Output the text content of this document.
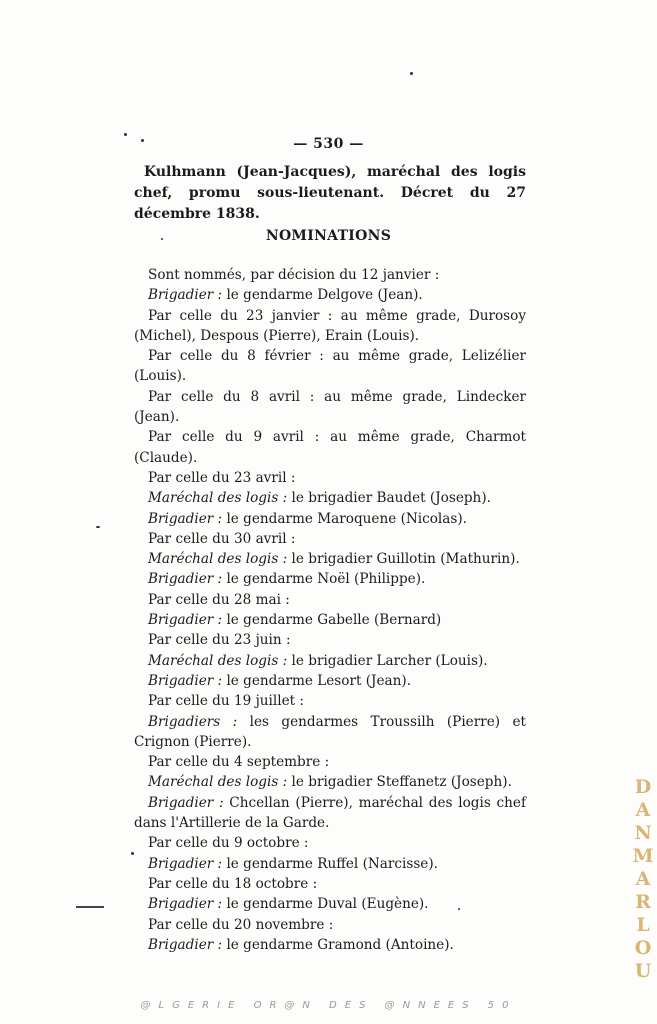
— 530 —

Kulhmann (Jean-Jacques), maréchal des logis chef, promu sous-lieutenant. Décret du 27 décembre 1838.

NOMINATIONS

Sont nommés, par décision du 12 janvier :

Brigadier : le gendarme Delgove (Jean).

Par celle du 23 janvier : au même grade, Durosoy (Michel), Despous (Pierre), Erain (Louis).

Par celle du 8 février : au même grade, Lelizélier (Louis).

Par celle du 8 avril : au même grade, Lindecker (Jean).

Par celle du 9 avril : au même grade, Charmot (Claude).

Par celle du 23 avril :

Maréchal des logis : le brigadier Baudet (Joseph).

Brigadier : le gendarme Maroquene (Nicolas).

Par celle du 30 avril :

Maréchal des logis : le brigadier Guillotin (Mathurin).

Brigadier : le gendarme Noël (Philippe).

Par celle du 28 mai :

Brigadier : le gendarme Gabelle (Bernard)

Par celle du 23 juin :

Maréchal des logis : le brigadier Larcher (Louis).

Brigadier : le gendarme Lesort (Jean).

Par celle du 19 juillet :

Brigadiers : les gendarmes Troussilh (Pierre) et Crignon (Pierre).

Par celle du 4 septembre :

Maréchal des logis : le brigadier Steffanetz (Joseph).

Brigadier : Chcellan (Pierre), maréchal des logis chef dans l'Artillerie de la Garde.

Par celle du 9 octobre :

Brigadier : le gendarme Ruffel (Narcisse).

Par celle du 18 octobre :

Brigadier : le gendarme Duval (Eugène).

Par celle du 20 novembre :

Brigadier : le gendarme Gramond (Antoine).

D
A
N
M
A
R
L
O
U
@LGERIE OR@N DES @NNEES 50
